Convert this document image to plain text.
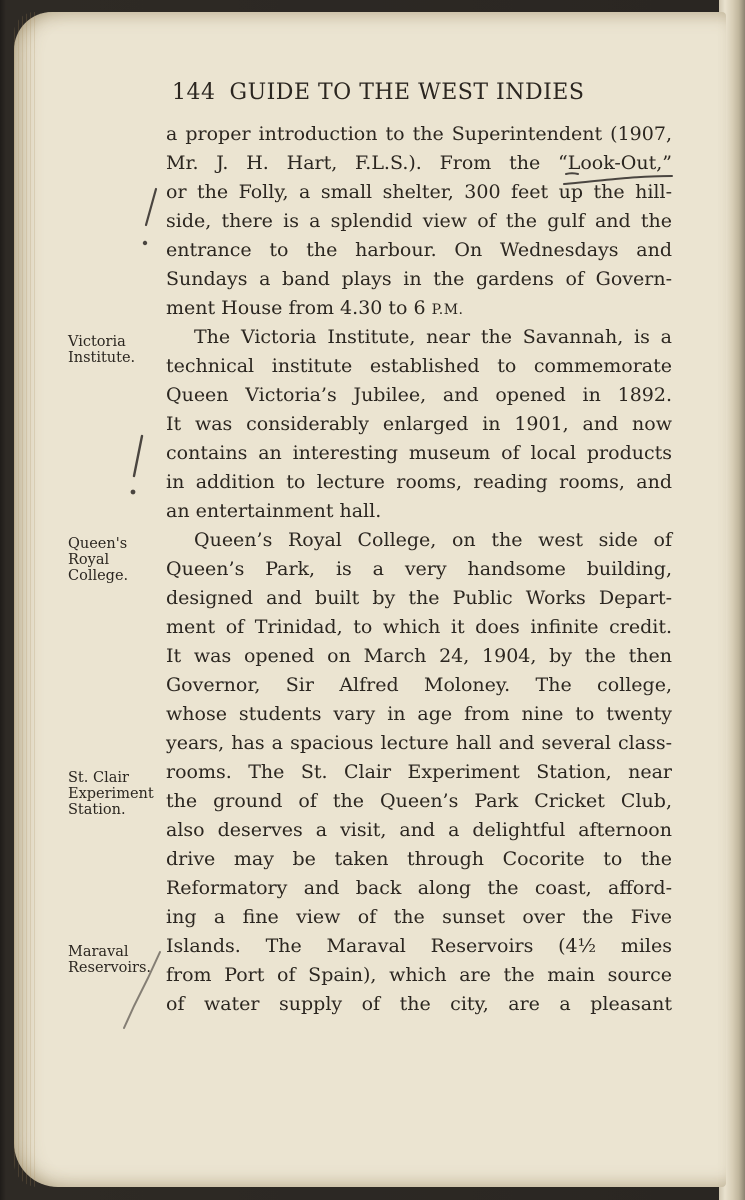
144 GUIDE TO THE WEST INDIES
Victoria
Institute.
Queen's
Royal
College.
St. Clair
Experiment
Station.
Maraval
Reservoirs.
a proper introduction to the Superintendent (1907,
Mr. J. H. Hart, F.L.S.). From the “Look-Out,”
or the Folly, a small shelter, 300 feet up the hill-
side, there is a splendid view of the gulf and the
entrance to the harbour. On Wednesdays and
Sundays a band plays in the gardens of Govern-
ment House from 4.30 to 6 P.M.
The Victoria Institute, near the Savannah, is a
technical institute established to commemorate
Queen Victoria’s Jubilee, and opened in 1892.
It was considerably enlarged in 1901, and now
contains an interesting museum of local products
in addition to lecture rooms, reading rooms, and
an entertainment hall.
Queen’s Royal College, on the west side of
Queen’s Park, is a very handsome building,
designed and built by the Public Works Depart-
ment of Trinidad, to which it does infinite credit.
It was opened on March 24, 1904, by the then
Governor, Sir Alfred Moloney. The college,
whose students vary in age from nine to twenty
years, has a spacious lecture hall and several class-
rooms. The St. Clair Experiment Station, near
the ground of the Queen’s Park Cricket Club,
also deserves a visit, and a delightful afternoon
drive may be taken through Cocorite to the
Reformatory and back along the coast, afford-
ing a fine view of the sunset over the Five
Islands. The Maraval Reservoirs (4½ miles
from Port of Spain), which are the main source
of water supply of the city, are a pleasant
